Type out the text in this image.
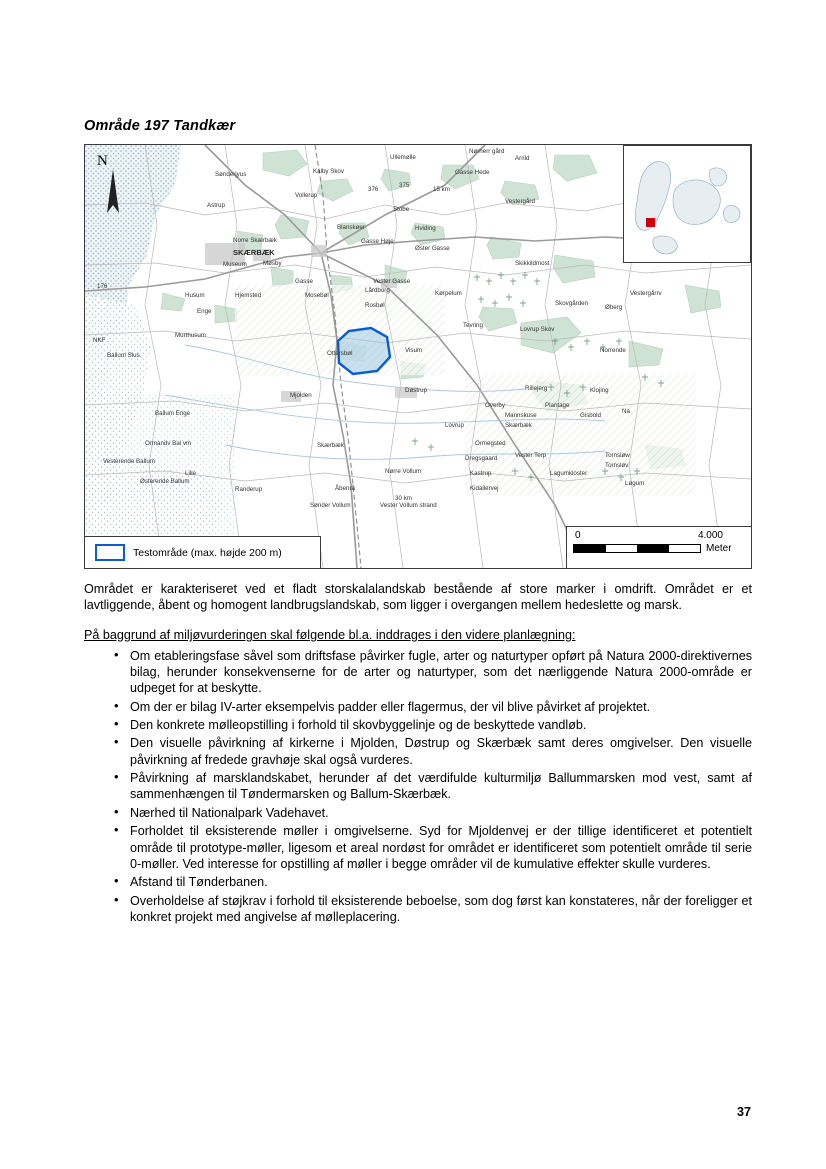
Område 197 Tandkær
Sønderjyus
Ullemølle
Nørherr gård
Arrild
Kalby Skov	Gasse Hede
Astrup
Vollerup
376
375
15 km
Vestergård
Stobe
Blanskøer	Hviding
Gasse Høje
Norre Skærbæk
SKÆRBÆK
Museum	Møsby
Øster Gasse
Skikkildmost
176
Gasse	Vester Gasse
Husum	Hjemsted	Mosebøl
Lårdborg	Kørpelum
Enge
Rosbøl	Skovgården
Øberg
Vestergårrv
NKF
Murthusum
Tevring
Lovrup Skov
Ballum Slus	Ottersbøl	Visum	Norrende
Mjolden
Døstrup	Rillejerg	Klojing
Ballum Enge
Overby	Plantage
Mannskuse	Gisbold
Na
Lovrup	Skærbæk
Ormegsted
Ormandv Bal vm	Skærbæk
Vesterende Ballum	Dregsgaard	Vester Terp	Tornsløw
Tornsløv
Nørre Vollum	Kastrup	Lagumkloster
Lille
Østerende Ballum
Randerup	Åbenrå	Kidallervej
Løgum
30 km
Sønder Vollum	Vester Vollum strand
N
Testområde (max. højde 200 m)
0	4.000
Meter

Området er karakteriseret ved et fladt storskalalandskab bestående af store marker i omdrift. Området er et lavtliggende, åbent og homogent landbrugslandskab, som ligger i overgangen mellem hedeslette og marsk.

På baggrund af miljøvurderingen skal følgende bl.a. inddrages i den videre planlægning:

• Om etableringsfase såvel som driftsfase påvirker fugle, arter og naturtyper opført på Natura 2000-direktivernes bilag, herunder konsekvenserne for de arter og naturtyper, som det nærliggende Natura 2000-område er udpeget for at beskytte.
• Om der er bilag IV-arter eksempelvis padder eller flagermus, der vil blive påvirket af projektet.
• Den konkrete mølleopstilling i forhold til skovbyggelinje og de beskyttede vandløb.
• Den visuelle påvirkning af kirkerne i Mjolden, Døstrup og Skærbæk samt deres omgivelser. Den visuelle påvirkning af fredede gravhøje skal også vurderes.
• Påvirkning af marsklandskabet, herunder af det værdifulde kulturmiljø Ballummarsken mod vest, samt af sammenhængen til Tøndermarsken og Ballum-Skærbæk.
• Nærhed til Nationalpark Vadehavet.
• Forholdet til eksisterende møller i omgivelserne. Syd for Mjoldenvej er der tillige identificeret et potentielt område til prototype-møller, ligesom et areal nordøst for området er identificeret som potentielt område til serie 0-møller. Ved interesse for opstilling af møller i begge områder vil de kumulative effekter skulle vurderes.
• Afstand til Tønderbanen.
• Overholdelse af støjkrav i forhold til eksisterende beboelse, som dog først kan konstateres, når der foreligger et konkret projekt med angivelse af mølleplacering.
37
